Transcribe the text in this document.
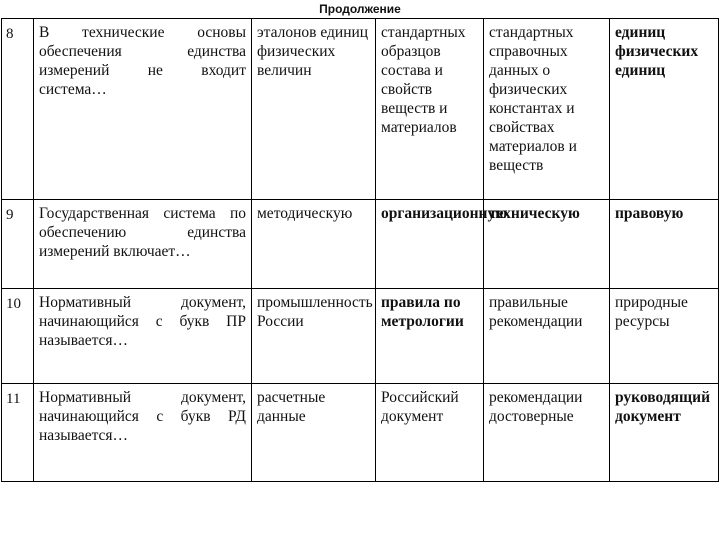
Продолжение
8	В технические основы обеспечения единства измерений не входит система…	эталонов единиц физических величин	стандартных образцов состава и свойств веществ и материалов	стандартных справочных данных о физических константах и свойствах материалов и веществ	единиц физических единиц
9	Государственная система по обеспечению единства измерений включает…	методическую	организационную	техническую	правовую
10	Нормативный документ, начинающийся с букв ПР называется…	промышленность России	правила по метрологии	правильные рекомендации	природные ресурсы
11	Нормативный документ, начинающийся с букв РД называется…	расчетные данные	Российский документ	рекомендации достоверные	руководящий документ
